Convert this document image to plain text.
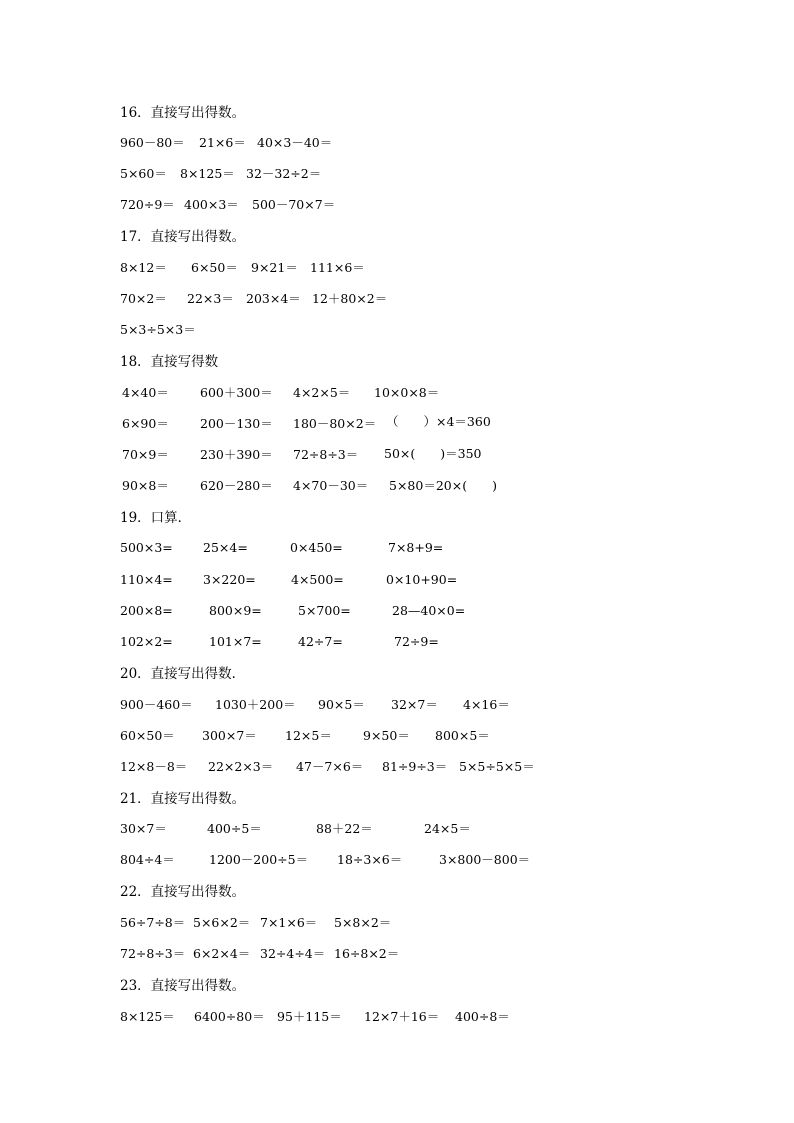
16．直接写出得数。
960－80＝ 21×6＝ 40×3－40＝
5×60＝ 8×125＝ 32－32÷2＝
720÷9＝ 400×3＝ 500－70×7＝
17．直接写出得数。
8×12＝ 6×50＝ 9×21＝ 111×6＝
70×2＝ 22×3＝ 203×4＝ 12＋80×2＝
5×3÷5×3＝
18．直接写得数
4×40＝ 600＋300＝ 4×2×5＝ 10×0×8＝
6×90＝ 200－130＝ 180－80×2＝ （　　）×4＝360
70×9＝ 230＋390＝ 72÷8÷3＝ 50×(　　)＝350
90×8＝ 620－280＝ 4×70－30＝ 5×80＝20×(　　)
19．口算．
500×3= 25×4=	0×450=	7×8+9=
110×4= 3×220=	4×500=	0×10+90=
200×8=	800×9=	5×700=	28—40×0=
102×2=	101×7=	42÷7=	72÷9=
20．直接写出得数．
900－460＝ 1030＋200＝ 90×5＝ 32×7＝ 4×16＝
60×50＝ 300×7＝ 12×5＝ 9×50＝ 800×5＝
12×8－8＝ 22×2×3＝ 47－7×6＝ 81÷9÷3＝ 5×5÷5×5＝
21．直接写出得数。
30×7＝	400÷5＝	88＋22＝	24×5＝
804÷4＝	1200－200÷5＝ 18÷3×6＝	3×800－800＝
22．直接写出得数。
56÷7÷8＝ 5×6×2＝ 7×1×6＝ 5×8×2＝
72÷8÷3＝ 6×2×4＝ 32÷4÷4＝ 16÷8×2＝
23．直接写出得数。
8×125＝ 6400÷80＝ 95＋115＝ 12×7＋16＝ 400÷8＝
